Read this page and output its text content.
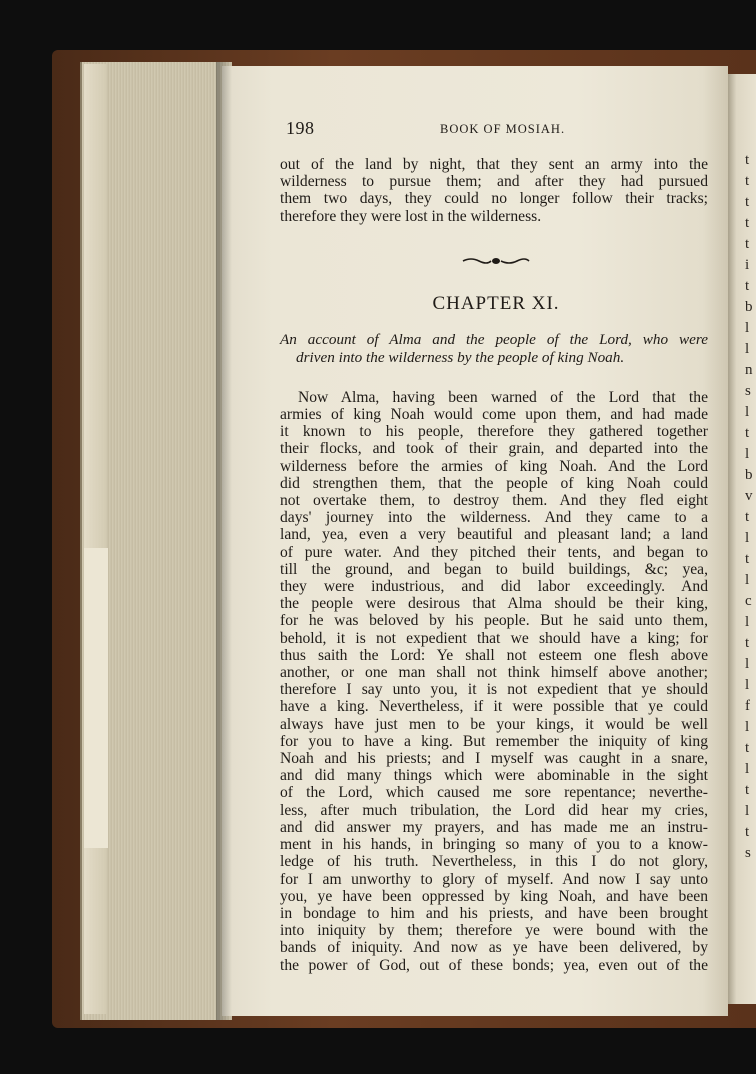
t
t
t
t
t
i
t
b
l
l
n
s
l
t
l
b
v
t
l
t
l
c
l
t
l
l
f
l
t
l
t
l
t
s
198	BOOK OF MOSIAH.
out of the land by night, that they sent an army into the
wilderness to pursue them; and after they had pursued
them two days, they could no longer follow their tracks;
therefore they were lost in the wilderness.
CHAPTER XI.
An account of Alma and the people of the Lord, who were
driven into the wilderness by the people of king Noah.
Now Alma, having been warned of the Lord that the
armies of king Noah would come upon them, and had made
it known to his people, therefore they gathered together
their flocks, and took of their grain, and departed into the
wilderness before the armies of king Noah. And the Lord
did strengthen them, that the people of king Noah could
not overtake them, to destroy them. And they fled eight
days' journey into the wilderness. And they came to a
land, yea, even a very beautiful and pleasant land; a land
of pure water. And they pitched their tents, and began to
till the ground, and began to build buildings, &c; yea,
they were industrious, and did labor exceedingly. And
the people were desirous that Alma should be their king,
for he was beloved by his people. But he said unto them,
behold, it is not expedient that we should have a king; for
thus saith the Lord: Ye shall not esteem one flesh above
another, or one man shall not think himself above another;
therefore I say unto you, it is not expedient that ye should
have a king. Nevertheless, if it were possible that ye could
always have just men to be your kings, it would be well
for you to have a king. But remember the iniquity of king
Noah and his priests; and I myself was caught in a snare,
and did many things which were abominable in the sight
of the Lord, which caused me sore repentance; neverthe-
less, after much tribulation, the Lord did hear my cries,
and did answer my prayers, and has made me an instru-
ment in his hands, in bringing so many of you to a know-
ledge of his truth. Nevertheless, in this I do not glory,
for I am unworthy to glory of myself. And now I say unto
you, ye have been oppressed by king Noah, and have been
in bondage to him and his priests, and have been brought
into iniquity by them; therefore ye were bound with the
bands of iniquity. And now as ye have been delivered, by
the power of God, out of these bonds; yea, even out of the
